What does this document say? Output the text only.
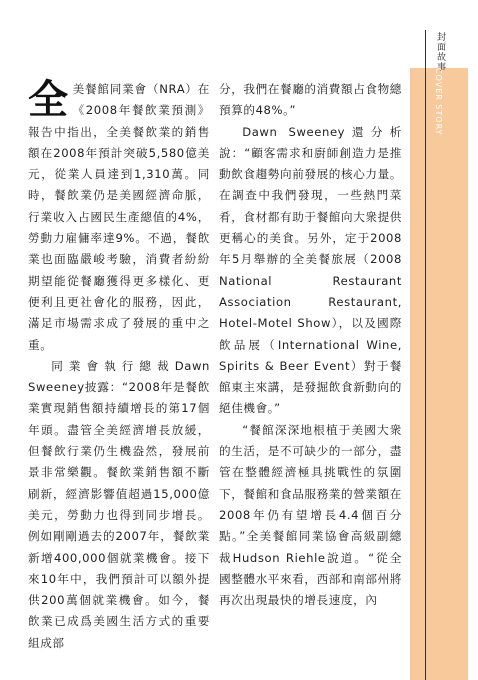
封面故事
COVER STORY

全美餐館同業會（NRA）在《2008年餐飲業預測》報告中指出，全美餐飲業的銷售額在2008年預計突破5,580億美元，從業人員達到1,310萬。同時，餐飲業仍是美國經濟命脈，行業收入占國民生產總值的4%，勞動力雇傭率達9%。不過，餐飲業也面臨嚴峻考驗，消費者紛紛期望能從餐廳獲得更多樣化、更便利且更社會化的服務，因此，滿足市場需求成了發展的重中之重。

同業會執行總裁Dawn Sweeney披露：“2008年是餐飲業實現銷售額持續增長的第17個年頭。盡管全美經濟增長放緩，但餐飲行業仍生機盎然，發展前景非常樂觀。餐飲業銷售額不斷刷新，經濟影響值超過15,000億美元，勞動力也得到同步增長。例如剛剛過去的2007年，餐飲業新增400,000個就業機會。接下來10年中，我們預計可以額外提供200萬個就業機會。如今，餐飲業已成爲美國生活方式的重要組成部

分，我們在餐廳的消費額占食物總預算的48%。”

Dawn Sweeney還分析說：“顧客需求和廚師創造力是推動飲食趨勢向前發展的核心力量。在調查中我們發現，一些熱門菜肴，食材都有助于餐館向大衆提供更稱心的美食。另外，定于2008年5月舉辦的全美餐旅展（2008 National Restaurant Association Restaurant, Hotel-Motel Show），以及國際飲品展（International Wine, Spirits & Beer Event）對于餐館東主來講，是發掘飲食新動向的絕佳機會。”

“餐館深深地根植于美國大衆的生活，是不可缺少的一部分，盡管在整體經濟極具挑戰性的氛圍下，餐館和食品服務業的營業額在2008年仍有望增長4.4個百分點。”全美餐館同業協會高級副總裁Hudson Riehle說道。“從全國整體水平來看，西部和南部州將再次出現最快的增長速度，內
